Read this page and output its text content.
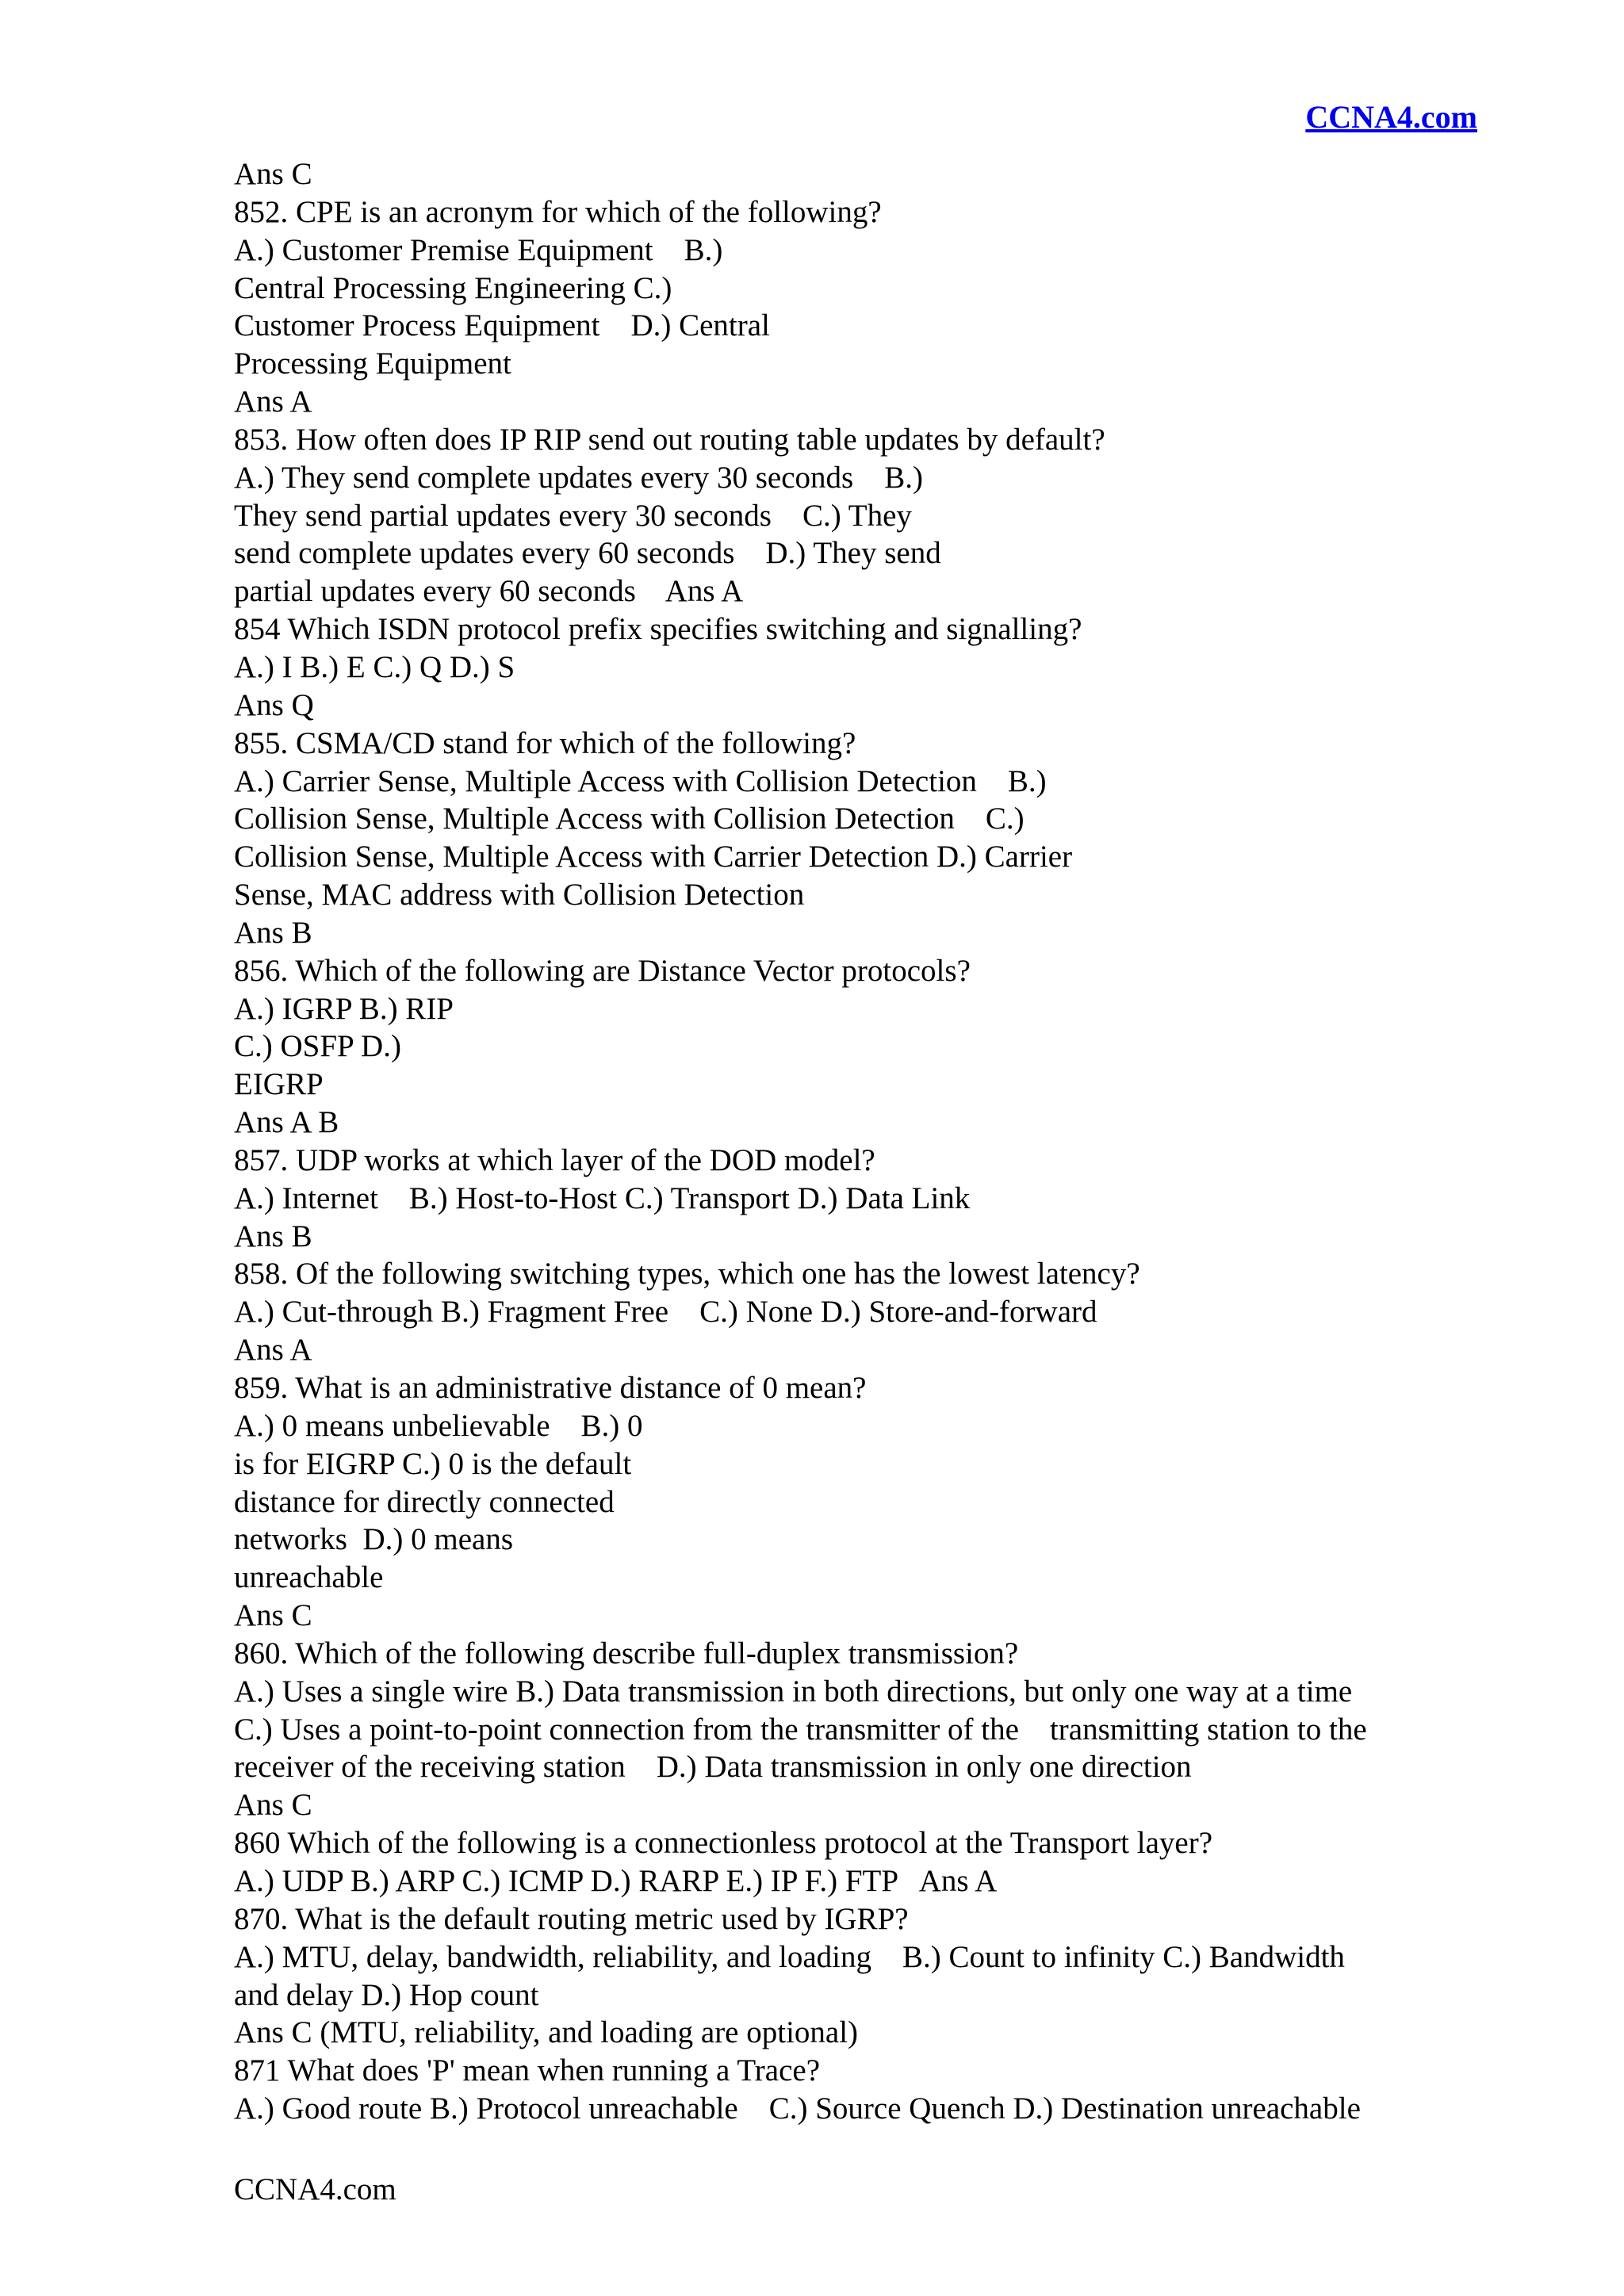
CCNA4.com
Ans C
852. CPE is an acronym for which of the following?
A.) Customer Premise Equipment    B.)
Central Processing Engineering C.)
Customer Process Equipment    D.) Central
Processing Equipment
Ans A
853. How often does IP RIP send out routing table updates by default?
A.) They send complete updates every 30 seconds    B.)
They send partial updates every 30 seconds    C.) They
send complete updates every 60 seconds    D.) They send
partial updates every 60 seconds    Ans A
854 Which ISDN protocol prefix specifies switching and signalling?
A.) I B.) E C.) Q D.) S
Ans Q
855. CSMA/CD stand for which of the following?
A.) Carrier Sense, Multiple Access with Collision Detection    B.)
Collision Sense, Multiple Access with Collision Detection    C.)
Collision Sense, Multiple Access with Carrier Detection D.) Carrier
Sense, MAC address with Collision Detection
Ans B
856. Which of the following are Distance Vector protocols?
A.) IGRP B.) RIP
C.) OSFP D.)
EIGRP
Ans A B
857. UDP works at which layer of the DOD model?
A.) Internet    B.) Host-to-Host C.) Transport D.) Data Link
Ans B
858. Of the following switching types, which one has the lowest latency?
A.) Cut-through B.) Fragment Free    C.) None D.) Store-and-forward
Ans A
859. What is an administrative distance of 0 mean?
A.) 0 means unbelievable    B.) 0
is for EIGRP C.) 0 is the default
distance for directly connected
networks  D.) 0 means
unreachable
Ans C
860. Which of the following describe full-duplex transmission?
A.) Uses a single wire B.) Data transmission in both directions, but only one way at a time
C.) Uses a point-to-point connection from the transmitter of the    transmitting station to the
receiver of the receiving station    D.) Data transmission in only one direction
Ans C
860 Which of the following is a connectionless protocol at the Transport layer?
A.) UDP B.) ARP C.) ICMP D.) RARP E.) IP F.) FTP   Ans A
870. What is the default routing metric used by IGRP?
A.) MTU, delay, bandwidth, reliability, and loading    B.) Count to infinity C.) Bandwidth
and delay D.) Hop count
Ans C (MTU, reliability, and loading are optional)
871 What does 'P' mean when running a Trace?
A.) Good route B.) Protocol unreachable    C.) Source Quench D.) Destination unreachable
CCNA4.com
